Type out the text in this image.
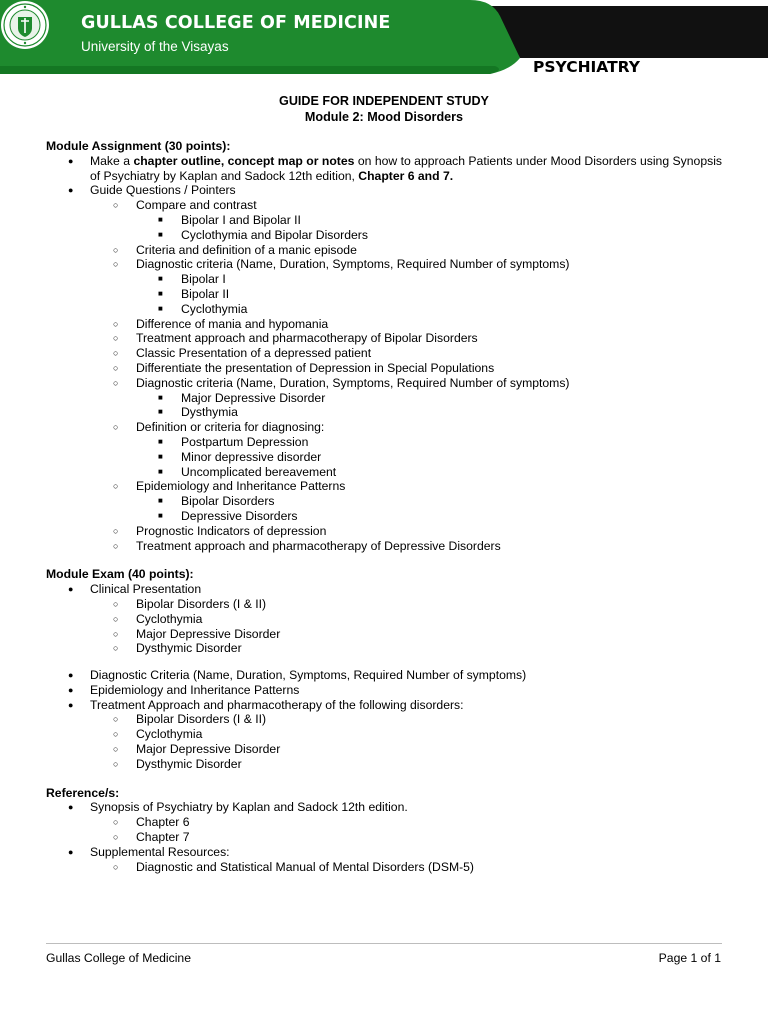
GULLAS COLLEGE OF MEDICINE
University of the Visayas
PSYCHIATRY
GUIDE FOR INDEPENDENT STUDY
Module 2: Mood Disorders
Module Assignment (30 points):
● Make a chapter outline, concept map or notes on how to approach Patients under Mood Disorders using Synopsis of Psychiatry by Kaplan and Sadock 12th edition, Chapter 6 and 7.
● Guide Questions / Pointers
○ Compare and contrast
■ Bipolar I and Bipolar II
■ Cyclothymia and Bipolar Disorders
○ Criteria and definition of a manic episode
○ Diagnostic criteria (Name, Duration, Symptoms, Required Number of symptoms)
■ Bipolar I
■ Bipolar II
■ Cyclothymia
○ Difference of mania and hypomania
○ Treatment approach and pharmacotherapy of Bipolar Disorders
○ Classic Presentation of a depressed patient
○ Differentiate the presentation of Depression in Special Populations
○ Diagnostic criteria (Name, Duration, Symptoms, Required Number of symptoms)
■ Major Depressive Disorder
■ Dysthymia
○ Definition or criteria for diagnosing:
■ Postpartum Depression
■ Minor depressive disorder
■ Uncomplicated bereavement
○ Epidemiology and Inheritance Patterns
■ Bipolar Disorders
■ Depressive Disorders
○ Prognostic Indicators of depression
○ Treatment approach and pharmacotherapy of Depressive Disorders
Module Exam (40 points):
● Clinical Presentation
○ Bipolar Disorders (I & II)
○ Cyclothymia
○ Major Depressive Disorder
○ Dysthymic Disorder
● Diagnostic Criteria (Name, Duration, Symptoms, Required Number of symptoms)
● Epidemiology and Inheritance Patterns
● Treatment Approach and pharmacotherapy of the following disorders:
○ Bipolar Disorders (I & II)
○ Cyclothymia
○ Major Depressive Disorder
○ Dysthymic Disorder
Reference/s:
● Synopsis of Psychiatry by Kaplan and Sadock 12th edition.
○ Chapter 6
○ Chapter 7
● Supplemental Resources:
○ Diagnostic and Statistical Manual of Mental Disorders (DSM-5)
Gullas College of Medicine	Page 1 of 1
